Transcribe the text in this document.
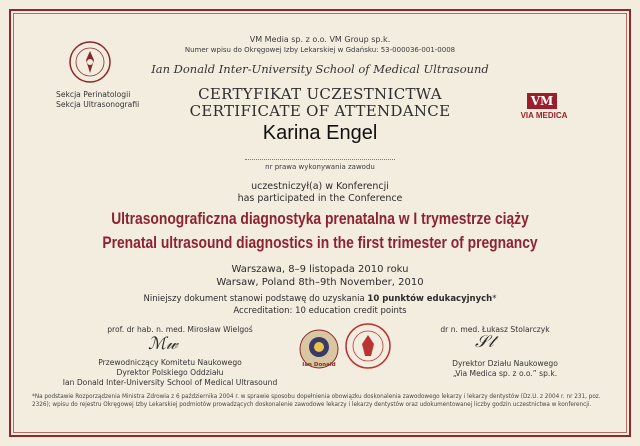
Sekcja Perinatologii
Sekcja Ultrasonografii	VM
VIA MEDICA
VM Media sp. z o.o. VM Group sp.k.
Numer wpisu do Okręgowej Izby Lekarskiej w Gdańsku: 53-000036-001-0008
Ian Donald Inter-University School of Medical Ultrasound
CERTYFIKAT UCZESTNICTWA
CERTIFICATE OF ATTENDANCE
Karina Engel
nr prawa wykonywania zawodu
uczestniczył(a) w Konferencji
has participated in the Conference
Ultrasonograficzna diagnostyka prenatalna w I trymestrze ciąży
Prenatal ultrasound diagnostics in the first trimester of pregnancy
Warszawa, 8–9 listopada 2010 roku
Warsaw, Poland 8th–9th November, 2010
Niniejszy dokument stanowi podstawę do uzyskania 10 punktów edukacyjnych*
Accreditation: 10 education credit points
prof. dr hab. n. med. Mirosław Wielgoś
ℳ𝓌
Przewodniczący Komitetu Naukowego
Dyrektor Polskiego Oddziału
Ian Donald Inter-University School of Medical Ultrasound
Ian Donald
dr n. med. Łukasz Stolarczyk
𝒮𝓉
Dyrektor Działu Naukowego
„Via Medica sp. z o.o.” sp.k.
*Na podstawie Rozporządzenia Ministra Zdrowia z 6 października 2004 r. w sprawie sposobu dopełnienia obowiązku doskonalenia zawodowego lekarzy i lekarzy dentystów (Dz.U. z 2004 r. nr 231, poz. 2326); wpisu do rejestru Okręgowej Izby Lekarskiej podmiotów prowadzących doskonalenie zawodowe lekarzy i lekarzy dentystów oraz udokumentowanej liczby godzin uczestnictwa w konferencji.
